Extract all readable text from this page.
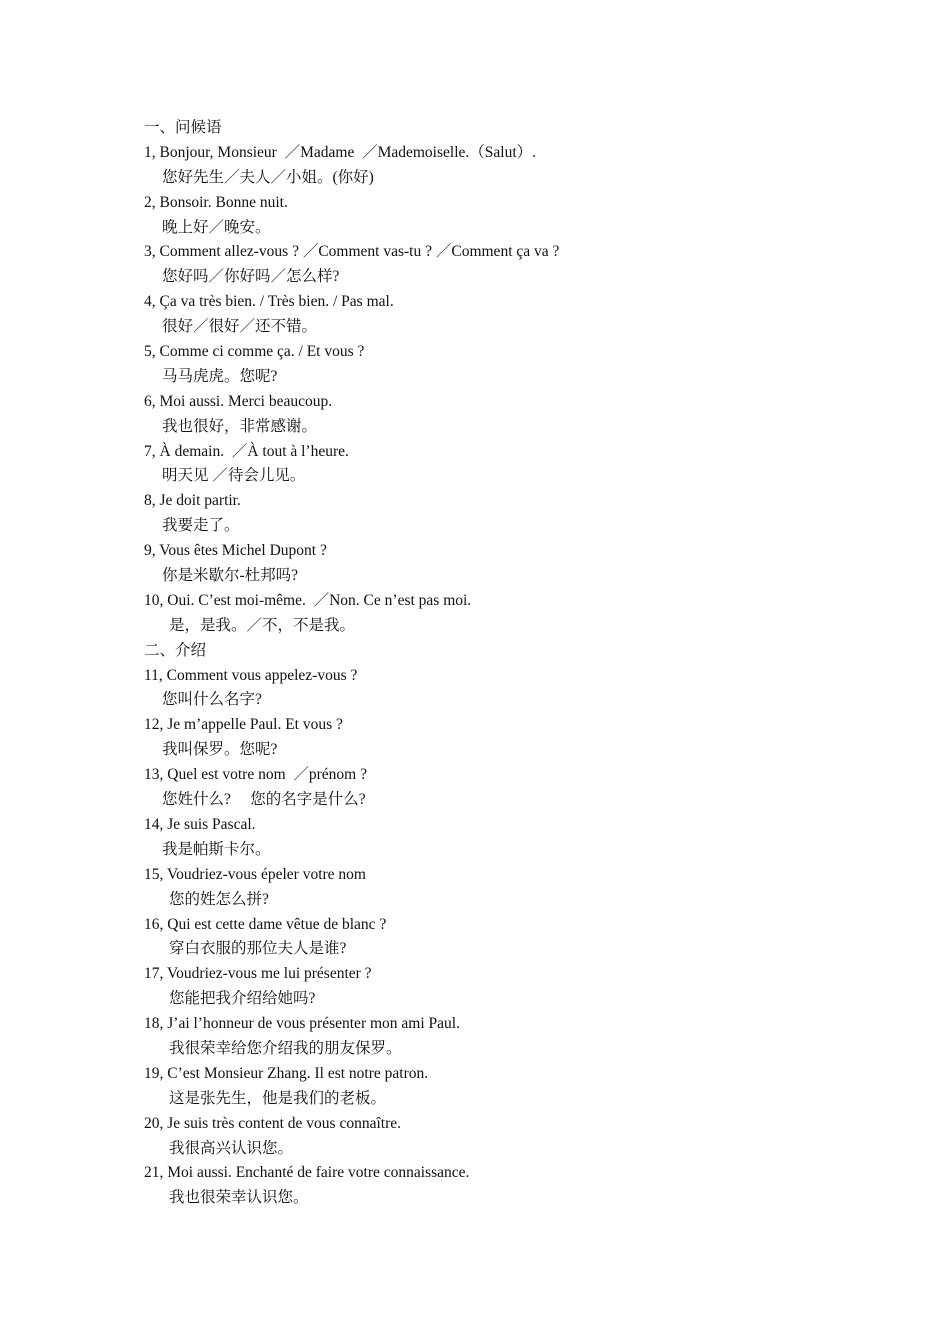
一、问候语
1, Bonjour, Monsieur  ／Madame  ／Mademoiselle.（Salut）.
您好先生／夫人／小姐。(你好)
2, Bonsoir. Bonne nuit.
晚上好／晚安。
3, Comment allez-vous ? ／Comment vas-tu ? ／Comment ça va ?
您好吗／你好吗／怎么样?
4, Ça va très bien. / Très bien. / Pas mal.
很好／很好／还不错。
5, Comme ci comme ça. / Et vous ?
马马虎虎。您呢?
6, Moi aussi. Merci beaucoup.
我也很好，非常感谢。
7, À demain.  ／À tout à l’heure.
明天见 ／待会儿见。
8, Je doit partir.
我要走了。
9, Vous êtes Michel Dupont ?
你是米歇尔-杜邦吗?
10, Oui. C’est moi-même.  ／Non. Ce n’est pas moi.
是，是我。／不，不是我。
二、介绍
11, Comment vous appelez-vous ?
您叫什么名字?
12, Je m’appelle Paul. Et vous ?
我叫保罗。您呢?
13, Quel est votre nom  ／prénom ?
您姓什么?     您的名字是什么?
14, Je suis Pascal.
我是帕斯卡尔。
15, Voudriez-vous épeler votre nom
您的姓怎么拼?
16, Qui est cette dame vêtue de blanc ?
穿白衣服的那位夫人是谁?
17, Voudriez-vous me lui présenter ?
您能把我介绍给她吗?
18, J’ai l’honneur de vous présenter mon ami Paul.
我很荣幸给您介绍我的朋友保罗。
19, C’est Monsieur Zhang. Il est notre patron.
这是张先生，他是我们的老板。
20, Je suis très content de vous connaître.
我很高兴认识您。
21, Moi aussi. Enchanté de faire votre connaissance.
我也很荣幸认识您。
